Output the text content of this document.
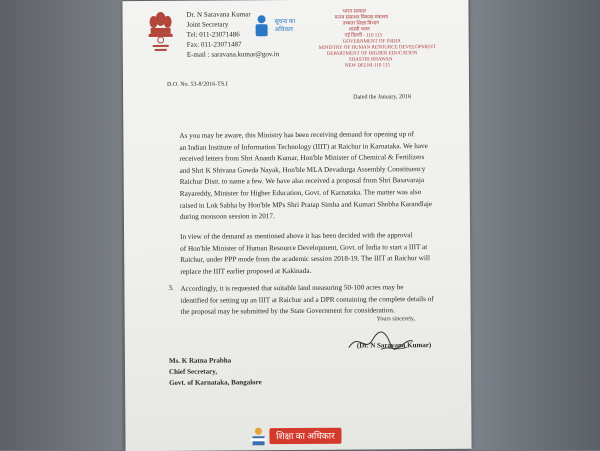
Dr. N Saravana Kumar
Joint Secretary
Tel: 011-23071486
Fax: 011-23071487
E-mail : saravana.kumar@gov.in
सूचना का
अधिकार
भारत सरकार
मानव संसाधन विकास मंत्रालय
उच्चतर शिक्षा विभाग
शास्त्री भवन
नई दिल्ली - 110 115
GOVERNMENT OF INDIA
MINISTRY OF HUMAN RESOURCE DEVELOPMENT
DEPARTMENT OF HIGHER EDUCATION
SHASTRI BHAWAN
NEW DELHI-110 115
D.O. No. 53-8/2016-TS.I
Dated the January, 2018
As you may be aware, this Ministry has been receiving demand for opening up of
an Indian Institute of Information Technology (IIIT) at Raichur in Karnataka. We have
received letters from Shri Ananth Kumar, Hon'ble Minister of Chemical & Fertilizers
and Shri K Shivana Gowda Nayak, Hon'ble MLA Devadurga Assembly Constituency
Raichur Distt. to name a few. We have also received a proposal from Shri Basavaraja
Rayareddy, Minister for Higher Education, Govt. of Karnataka. The matter was also
raised in Lok Sabha by Hon'ble MPs Shri Pratap Simha and Kumari Shobha Karandlaje
during monsoon session in 2017.
In view of the demand as mentioned above it has been decided with the approval
of Hon'ble Minister of Human Resource Development, Govt. of India to start a IIIT at
Raichur, under PPP mode from the academic session 2018-19. The IIIT at Raichur will
replace the IIIT earlier proposed at Kakinada.
3. Accordingly, it is requested that suitable land measuring 50-100 acres may be
identified for setting up an IIIT at Raichur and a DPR containing the complete details of
the proposal may be submitted by the State Government for consideration.
Yours sincerely,
(Dr. N Saravana Kumar)
Ms. K Ratna Prabha
Chief Secretary,
Govt. of Karnataka, Bangalore
शिक्षा का अधिकार
